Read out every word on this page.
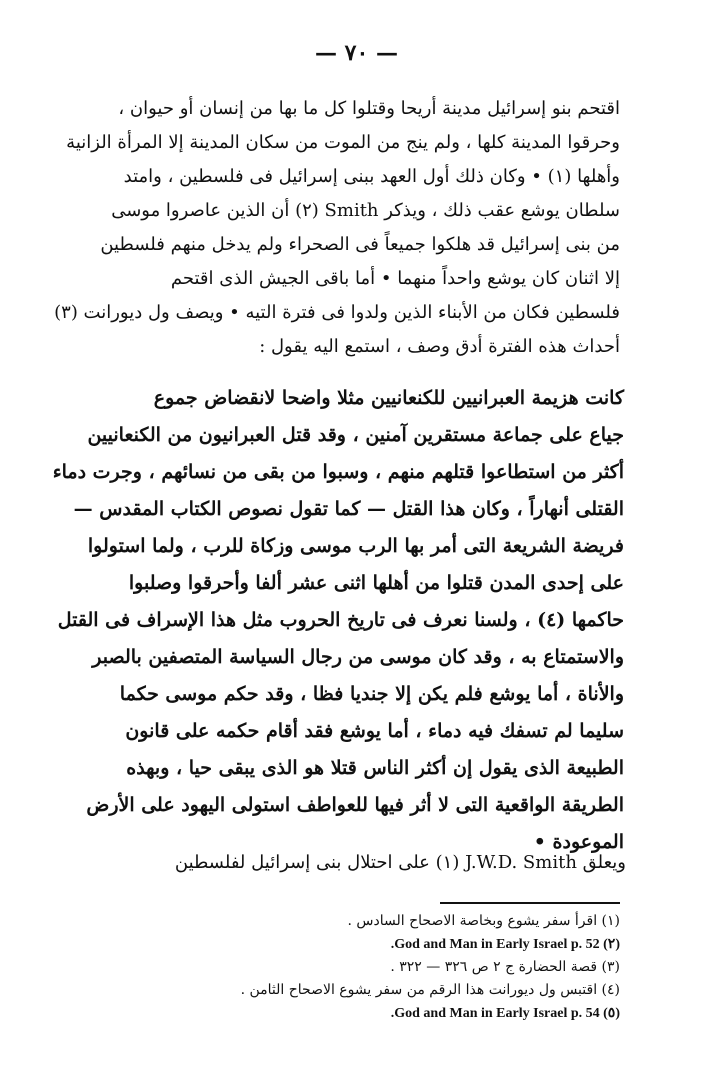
— ٧٠ —
اقتحم بنو إسرائيل مدينة أريحا وقتلوا كل ما بها من إنسان أو حيوان ،
وحرقوا المدينة كلها ، ولم ينج من الموت من سكان المدينة إلا المرأة الزانية
وأهلها (١) • وكان ذلك أول العهد ببنى إسرائيل فى فلسطين ، وامتد
سلطان يوشع عقب ذلك ، ويذكر Smith (٢) أن الذين عاصروا موسى
من بنى إسرائيل قد هلكوا جميعاً فى الصحراء ولم يدخل منهم فلسطين
إلا اثنان كان يوشع واحداً منهما • أما باقى الجيش الذى اقتحم
فلسطين فكان من الأبناء الذين ولدوا فى فترة التيه • ويصف ول ديورانت (٣)
أحداث هذه الفترة أدق وصف ، استمع اليه يقول :
كانت هزيمة العبرانيين للكنعانيين مثلا واضحا لانقضاض جموع
جياع على جماعة مستقرين آمنين ، وقد قتل العبرانيون من الكنعانيين
أكثر من استطاعوا قتلهم منهم ، وسبوا من بقى من نسائهم ، وجرت دماء
القتلى أنهاراً ، وكان هذا القتل — كما تقول نصوص الكتاب المقدس —
فريضة الشريعة التى أمر بها الرب موسى وزكاة للرب ، ولما استولوا
على إحدى المدن قتلوا من أهلها اثنى عشر ألفا وأحرقوا وصلبوا
حاكمها (٤) ، ولسنا نعرف فى تاريخ الحروب مثل هذا الإسراف فى القتل
والاستمتاع به ، وقد كان موسى من رجال السياسة المتصفين بالصبر
والأناة ، أما يوشع فلم يكن إلا جنديا فظا ، وقد حكم موسى حكما
سليما لم تسفك فيه دماء ، أما يوشع فقد أقام حكمه على قانون
الطبيعة الذى يقول إن أكثر الناس قتلا هو الذى يبقى حيا ، وبهذه
الطريقة الواقعية التى لا أثر فيها للعواطف استولى اليهود على الأرض
الموعودة •
ويعلق J.W.D. Smith (١) على احتلال بنى إسرائيل لفلسطين
(١) اقرأ سفر يشوع وبخاصة الاصحاح السادس .
(٢) God and Man in Early Israel p. 52.
(٣) قصة الحضارة ج ٢ ص ٣٢٦ — ٣٢٢ .
(٤) اقتبس ول ديورانت هذا الرقم من سفر يشوع الاصحاح الثامن .
(٥) God and Man in Early Israel p. 54.
